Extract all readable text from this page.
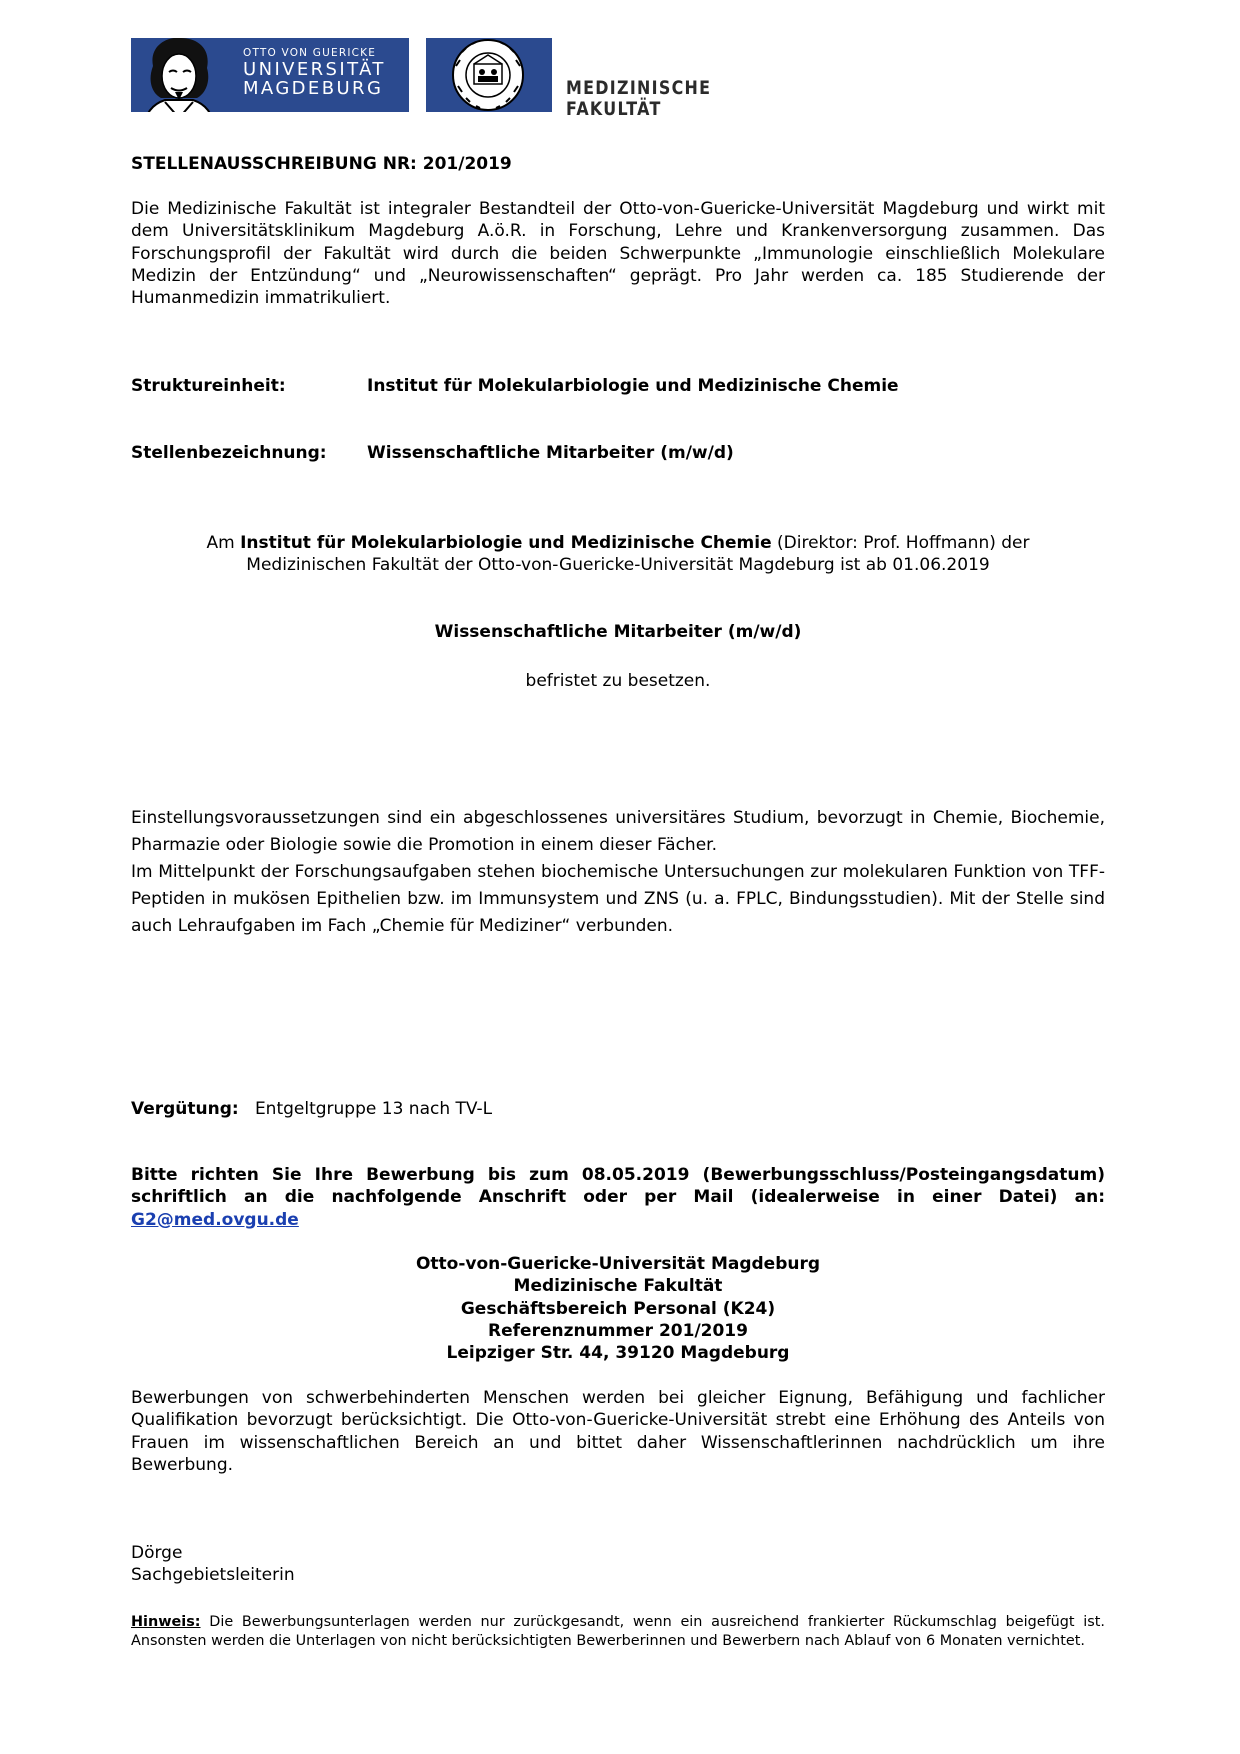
OTTO VON GUERICKE
UNIVERSITÄT
MAGDEBURG	MEDIZINISCHE FAKULTÄT
STELLENAUSSCHREIBUNG NR: 201/2019
Die Medizinische Fakultät ist integraler Bestandteil der Otto-von-Guericke-Universität Magdeburg und wirkt mit dem Universitätsklinikum Magdeburg A.ö.R. in Forschung, Lehre und Krankenversorgung zusammen. Das Forschungsprofil der Fakultät wird durch die beiden Schwerpunkte „Immunologie einschließlich Molekulare Medizin der Entzündung“ und „Neurowissenschaften“ geprägt. Pro Jahr werden ca. 185 Studierende der Humanmedizin immatrikuliert.
Struktureinheit:	Institut für Molekularbiologie und Medizinische Chemie
Stellenbezeichnung: Wissenschaftliche Mitarbeiter (m/w/d)
Am Institut für Molekularbiologie und Medizinische Chemie (Direktor: Prof. Hoffmann) der
Medizinischen Fakultät der Otto-von-Guericke-Universität Magdeburg ist ab 01.06.2019
Wissenschaftliche Mitarbeiter (m/w/d)
befristet zu besetzen.
Einstellungsvoraussetzungen sind ein abgeschlossenes universitäres Studium, bevorzugt in Chemie, Biochemie, Pharmazie oder Biologie sowie die Promotion in einem dieser Fächer.
Im Mittelpunkt der Forschungsaufgaben stehen biochemische Untersuchungen zur molekularen Funktion von TFF-Peptiden in mukösen Epithelien bzw. im Immunsystem und ZNS (u. a. FPLC, Bindungsstudien). Mit der Stelle sind auch Lehraufgaben im Fach „Chemie für Mediziner“ verbunden.
Vergütung: Entgeltgruppe 13 nach TV-L
Bitte richten Sie Ihre Bewerbung bis zum 08.05.2019 (Bewerbungsschluss/Posteingangsdatum) schriftlich an die nachfolgende Anschrift oder per Mail (idealerweise in einer Datei) an: G2@med.ovgu.de
Otto-von-Guericke-Universität Magdeburg
Medizinische Fakultät
Geschäftsbereich Personal (K24)
Referenznummer 201/2019
Leipziger Str. 44, 39120 Magdeburg
Bewerbungen von schwerbehinderten Menschen werden bei gleicher Eignung, Befähigung und fachlicher Qualifikation bevorzugt berücksichtigt. Die Otto-von-Guericke-Universität strebt eine Erhöhung des Anteils von Frauen im wissenschaftlichen Bereich an und bittet daher Wissenschaftlerinnen nachdrücklich um ihre Bewerbung.
Dörge
Sachgebietsleiterin
Hinweis: Die Bewerbungsunterlagen werden nur zurückgesandt, wenn ein ausreichend frankierter Rückumschlag beigefügt ist. Ansonsten werden die Unterlagen von nicht berücksichtigten Bewerberinnen und Bewerbern nach Ablauf von 6 Monaten vernichtet.
